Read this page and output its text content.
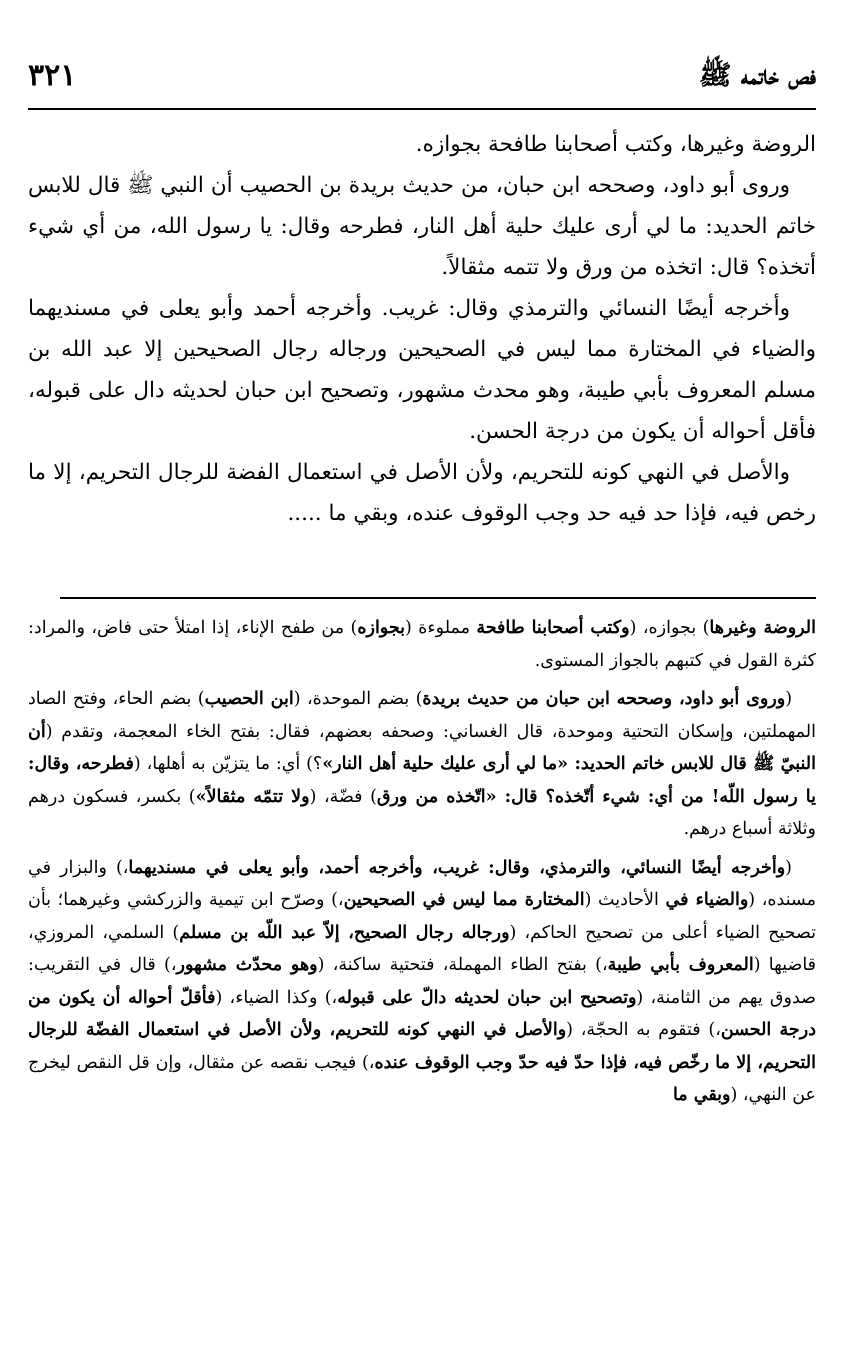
فص خاتمه ﷺ
٣٢١

الروضة وغيرها، وكتب أصحابنا طافحة بجوازه.

وروى أبو داود، وصححه ابن حبان، من حديث بريدة بن الحصيب أن النبي ﷺ قال للابس خاتم الحديد: ما لي أرى عليك حلية أهل النار، فطرحه وقال: يا رسول الله، من أي شيء أتخذه؟ قال: اتخذه من ورق ولا تتمه مثقالاً.

وأخرجه أيضًا النسائي والترمذي وقال: غريب. وأخرجه أحمد وأبو يعلى في مسنديهما والضياء في المختارة مما ليس في الصحيحين ورجاله رجال الصحيحين إلا عبد الله بن مسلم المعروف بأبي طيبة، وهو محدث مشهور، وتصحيح ابن حبان لحديثه دال على قبوله، فأقل أحواله أن يكون من درجة الحسن.

والأصل في النهي كونه للتحريم، ولأن الأصل في استعمال الفضة للرجال التحريم، إلا ما رخص فيه، فإذا حد فيه حد وجب الوقوف عنده، وبقي ما .....

الروضة وغيرها) بجوازه، (وكتب أصحابنا طافحة مملوءة (بجوازه) من طفح الإناء، إذا امتلأ حتى فاض، والمراد: كثرة القول في كتبهم بالجواز المستوى.

(وروى أبو داود، وصححه ابن حبان من حديث بريدة) بضم الموحدة، (ابن الحصيب) بضم الحاء، وفتح الصاد المهملتين، وإسكان التحتية وموحدة، قال الغساني: وصحفه بعضهم، فقال: بفتح الخاء المعجمة، وتقدم (أن النبيّ ﷺ قال للابس خاتم الحديد: «ما لي أرى عليك حلية أهل النار»؟) أي: ما يتزيّن به أهلها، (فطرحه، وقال: يا رسول اللّه! من أي: شيء أتّخذه؟ قال: «اتّخذه من ورق) فضّة، (ولا تتمّه مثقالاً») بكسر، فسكون درهم وثلاثة أسباع درهم.

(وأخرجه أيضًا النسائي، والترمذي، وقال: غريب، وأخرجه أحمد، وأبو يعلى في مسنديهما،) والبزار في مسنده، (والضياء في الأحاديث (المختارة مما ليس في الصحيحين،) وصرّح ابن تيمية والزركشي وغيرهما؛ بأن تصحيح الضياء أعلى من تصحيح الحاكم، (ورجاله رجال الصحيح، إلاّ عبد اللّه بن مسلم) السلمي، المروزي، قاضيها (المعروف بأبي طيبة،) بفتح الطاء المهملة، فتحتية ساكنة، (وهو محدّث مشهور،) قال في التقريب: صدوق يهم من الثامنة، (وتصحيح ابن حبان لحديثه دالّ على قبوله،) وكذا الضياء، (فأقلّ أحواله أن يكون من درجة الحسن،) فتقوم به الحجّة، (والأصل في النهي كونه للتحريم، ولأن الأصل في استعمال الفضّة للرجال التحريم، إلا ما رخّص فيه، فإذا حدّ فيه حدّ وجب الوقوف عنده،) فيجب نقصه عن مثقال، وإن قل النقص ليخرج عن النهي، (وبقي ما
